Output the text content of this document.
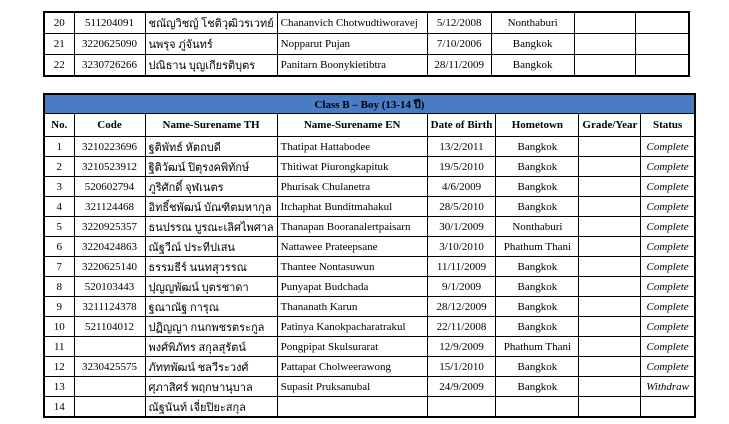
20	511204091	ชณัญวิชญ์ โชติวุฒิวรเวทย์	Chananvich Chotwudtiworavej	5/12/2008	Nonthaburi		
21	3220625090	นพรุจ ภู่จันทร์	Nopparut Pujan	7/10/2006	Bangkok		
22	3230726266	ปณิธาน บุญเกียรติบุตร	Panitarn Boonykietibtra	28/11/2009	Bangkok		
Class B – Boy (13-14 ปี)							
No.	Code	Name-Surename TH	Name-Surename EN	Date of Birth	Hometown	Grade/Year	Status
1	3210223696	ฐติพัทธ์ หัตถบดี	Thatipat Hattabodee	13/2/2011	Bangkok		Complete
2	3210523912	ฐิติวัฒน์ ปิตุรงคพิทักษ์	Thitiwat Piurongkapituk	19/5/2010	Bangkok		Complete
3	520602794	ภูริศักดิ์ จุฬเนตร	Phurisak Chulanetra	4/6/2009	Bangkok		Complete
4	321124468	อิทธิ์ชพัฒน์ บัณฑิตมหากุล	Itchaphat Bunditmahakul	28/5/2010	Bangkok		Complete
5	3220925357	ธนปรรณ บูรณะเลิศไพศาล	Thanapan Booranalertpaisarn	30/1/2009	Nonthaburi		Complete
6	3220424863	ณัฐวีณ์ ประทีปเสน	Nattawee Prateepsane	3/10/2010	Phathum Thani		Complete
7	3220625140	ธรรมธีร์ นนทสุวรรณ	Thantee Nontasuwun	11/11/2009	Bangkok		Complete
8	520103443	ปุญญพัฒน์ บุตรชาดา	Punyapat Budchada	9/1/2009	Bangkok		Complete
9	3211124378	ฐณาณัฐ การุณ	Thananath Karun	28/12/2009	Bangkok		Complete
10	521104012	ปฏิญญา กนกพชรตระกูล	Patinya Kanokpacharatrakul	22/11/2008	Bangkok		Complete
11		พงศ์พิภัทร สกุลสุรัตน์	Pongpipat Skulsurarat	12/9/2009	Phathum Thani		Complete
12	3230425575	ภัททพัฒน์ ชลวีระวงศ์	Pattapat Cholweerawong	15/1/2010	Bangkok		Complete
13		ศุภาสิศร์ พฤกษานุบาล	Supasit Pruksanubal	24/9/2009	Bangkok		Withdraw
14		ณัฐนันท์ เจี่ยปิยะสกุล					
